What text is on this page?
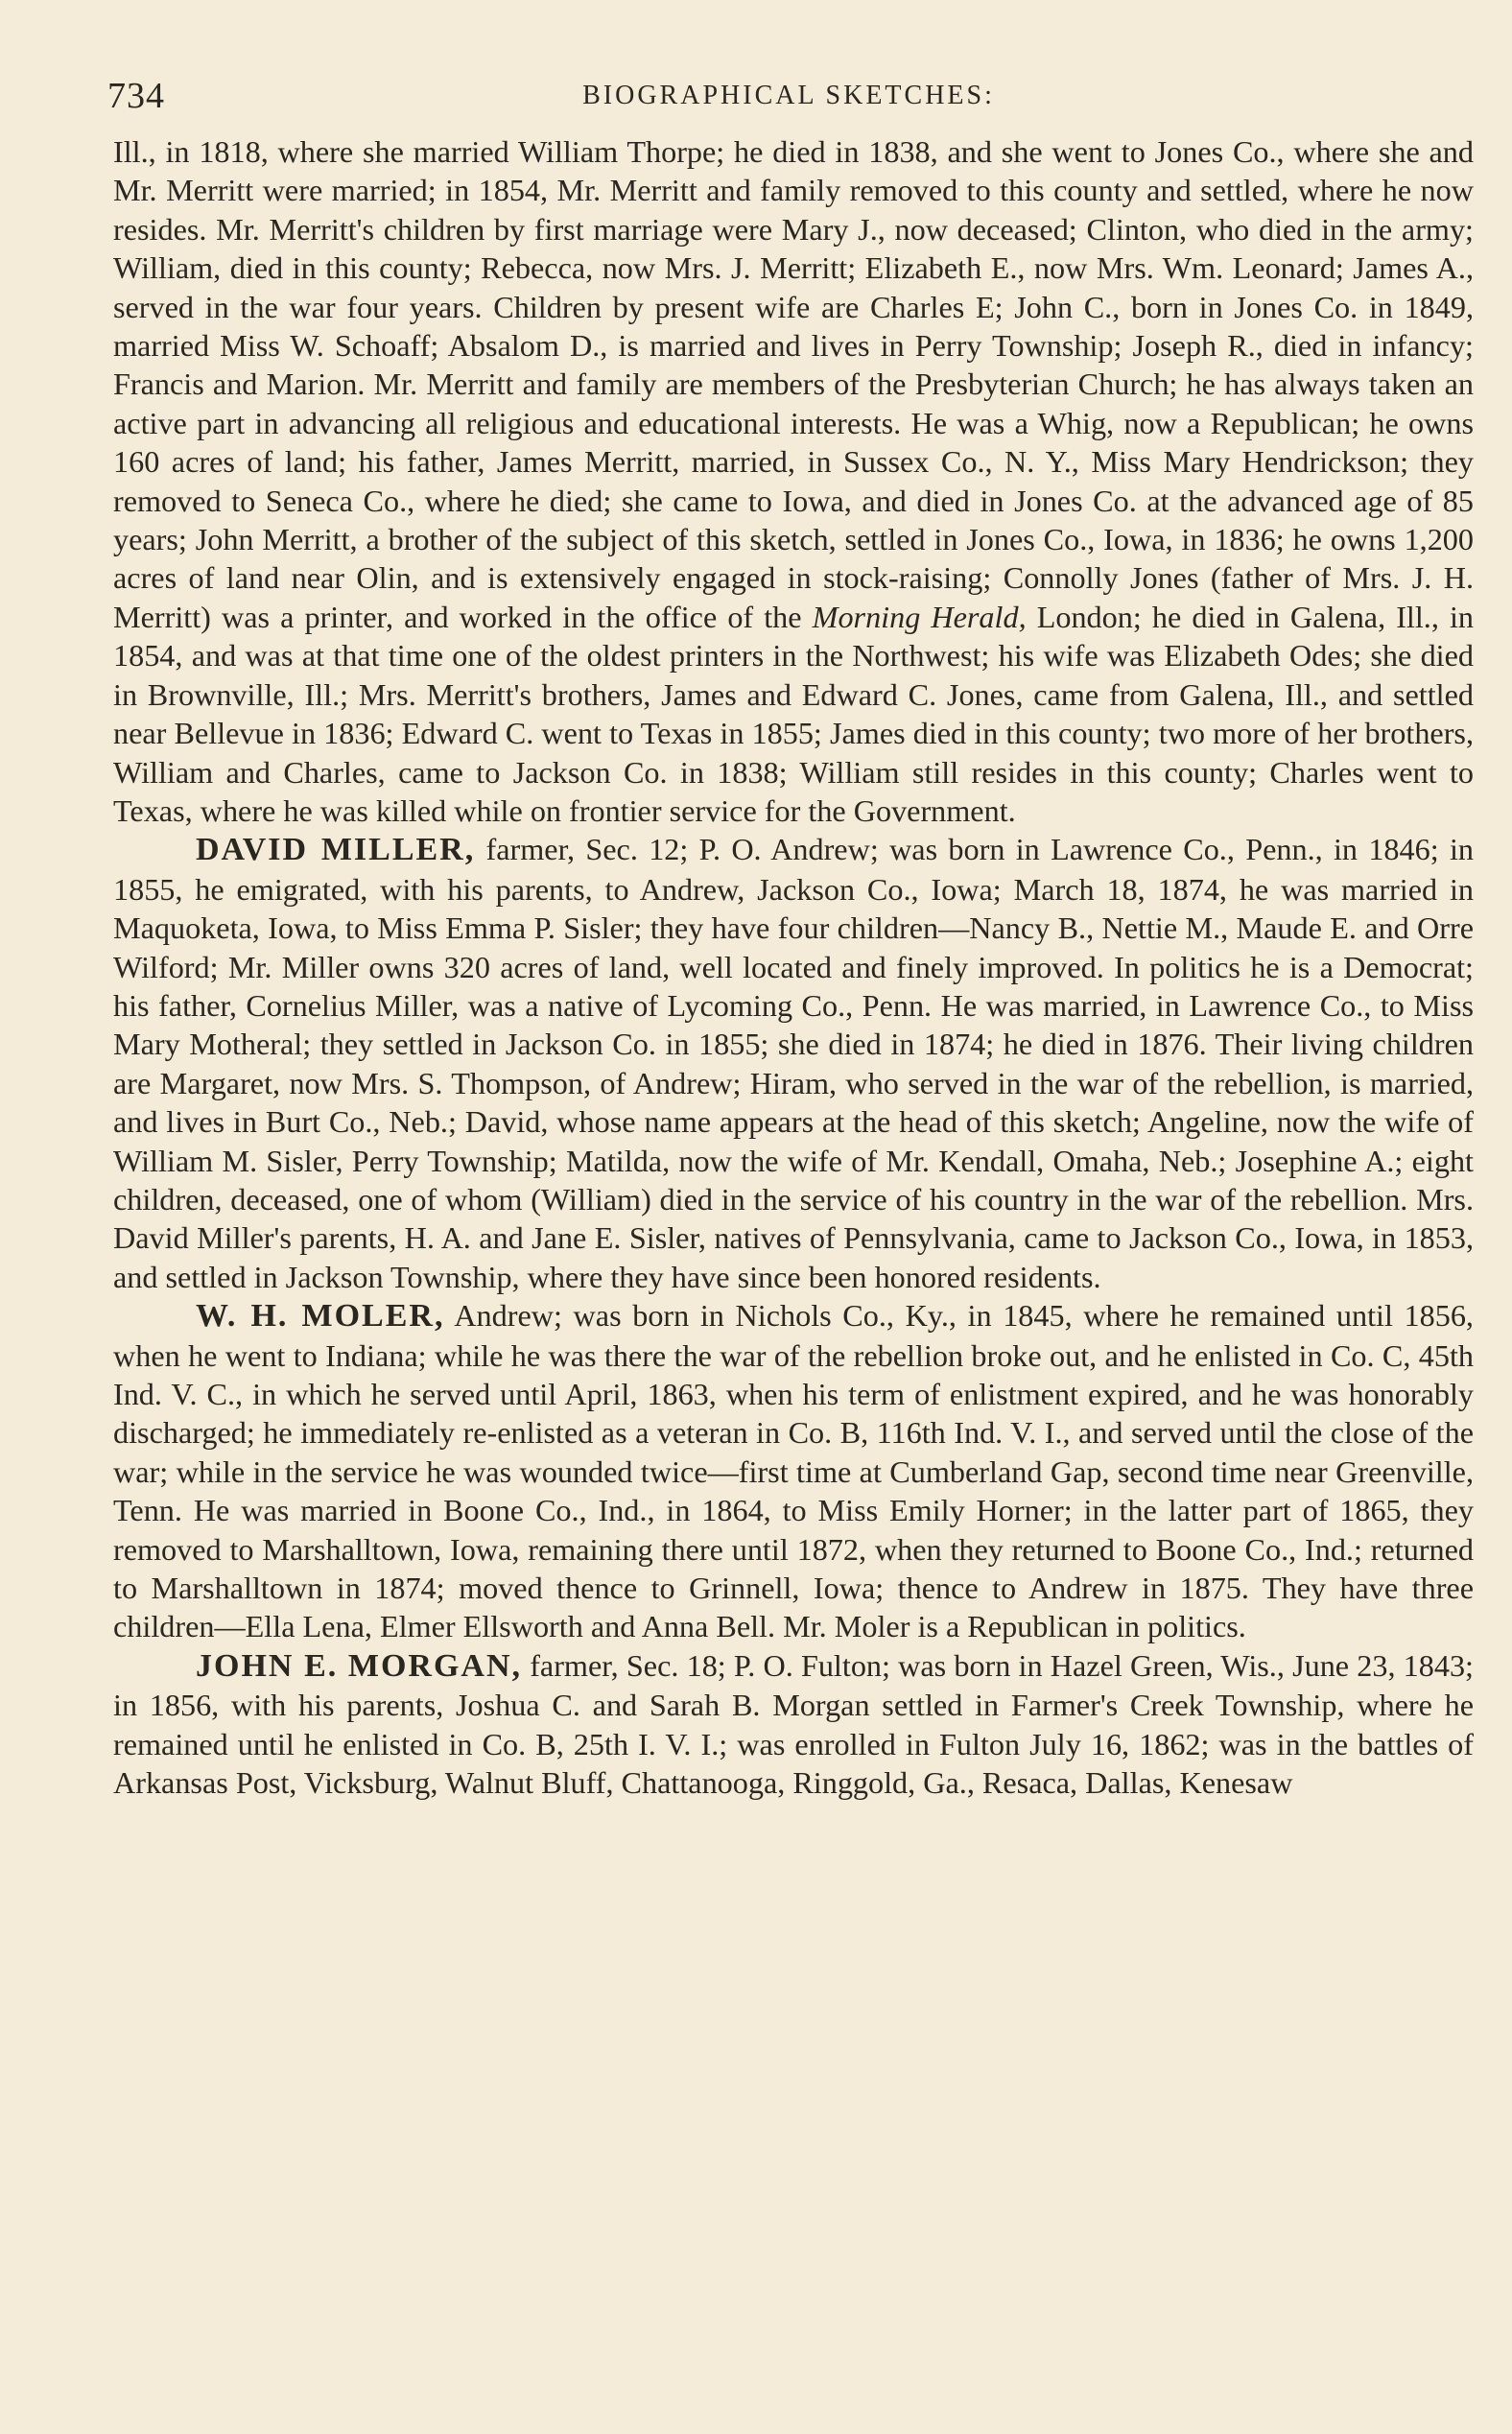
734	BIOGRAPHICAL SKETCHES:

Ill., in 1818, where she married William Thorpe; he died in 1838, and she went to Jones Co., where she and Mr. Merritt were married; in 1854, Mr. Merritt and family removed to this county and settled, where he now resides. Mr. Merritt's children by first marriage were Mary J., now deceased; Clinton, who died in the army; William, died in this county; Rebecca, now Mrs. J. Merritt; Elizabeth E., now Mrs. Wm. Leonard; James A., served in the war four years. Children by present wife are Charles E; John C., born in Jones Co. in 1849, married Miss W. Schoaff; Absalom D., is married and lives in Perry Township; Joseph R., died in infancy; Francis and Marion. Mr. Merritt and family are members of the Presbyterian Church; he has always taken an active part in advancing all religious and educational interests. He was a Whig, now a Republican; he owns 160 acres of land; his father, James Merritt, married, in Sussex Co., N. Y., Miss Mary Hendrickson; they removed to Seneca Co., where he died; she came to Iowa, and died in Jones Co. at the advanced age of 85 years; John Merritt, a brother of the subject of this sketch, settled in Jones Co., Iowa, in 1836; he owns 1,200 acres of land near Olin, and is extensively engaged in stock-raising; Connolly Jones (father of Mrs. J. H. Merritt) was a printer, and worked in the office of the Morning Herald, London; he died in Galena, Ill., in 1854, and was at that time one of the oldest printers in the Northwest; his wife was Elizabeth Odes; she died in Brownville, Ill.; Mrs. Merritt's brothers, James and Edward C. Jones, came from Galena, Ill., and settled near Bellevue in 1836; Edward C. went to Texas in 1855; James died in this county; two more of her brothers, William and Charles, came to Jackson Co. in 1838; William still resides in this county; Charles went to Texas, where he was killed while on frontier service for the Government.

DAVID MILLER, farmer, Sec. 12; P. O. Andrew; was born in Lawrence Co., Penn., in 1846; in 1855, he emigrated, with his parents, to Andrew, Jackson Co., Iowa; March 18, 1874, he was married in Maquoketa, Iowa, to Miss Emma P. Sisler; they have four children—Nancy B., Nettie M., Maude E. and Orre Wilford; Mr. Miller owns 320 acres of land, well located and finely improved. In politics he is a Democrat; his father, Cornelius Miller, was a native of Lycoming Co., Penn. He was married, in Lawrence Co., to Miss Mary Motheral; they settled in Jackson Co. in 1855; she died in 1874; he died in 1876. Their living children are Margaret, now Mrs. S. Thompson, of Andrew; Hiram, who served in the war of the rebellion, is married, and lives in Burt Co., Neb.; David, whose name appears at the head of this sketch; Angeline, now the wife of William M. Sisler, Perry Township; Matilda, now the wife of Mr. Kendall, Omaha, Neb.; Josephine A.; eight children, deceased, one of whom (William) died in the service of his country in the war of the rebellion. Mrs. David Miller's parents, H. A. and Jane E. Sisler, natives of Pennsylvania, came to Jackson Co., Iowa, in 1853, and settled in Jackson Township, where they have since been honored residents.

W. H. MOLER, Andrew; was born in Nichols Co., Ky., in 1845, where he remained until 1856, when he went to Indiana; while he was there the war of the rebellion broke out, and he enlisted in Co. C, 45th Ind. V. C., in which he served until April, 1863, when his term of enlistment expired, and he was honorably discharged; he immediately re-enlisted as a veteran in Co. B, 116th Ind. V. I., and served until the close of the war; while in the service he was wounded twice—first time at Cumberland Gap, second time near Greenville, Tenn. He was married in Boone Co., Ind., in 1864, to Miss Emily Horner; in the latter part of 1865, they removed to Marshalltown, Iowa, remaining there until 1872, when they returned to Boone Co., Ind.; returned to Marshalltown in 1874; moved thence to Grinnell, Iowa; thence to Andrew in 1875. They have three children—Ella Lena, Elmer Ellsworth and Anna Bell. Mr. Moler is a Republican in politics.

JOHN E. MORGAN, farmer, Sec. 18; P. O. Fulton; was born in Hazel Green, Wis., June 23, 1843; in 1856, with his parents, Joshua C. and Sarah B. Morgan settled in Farmer's Creek Township, where he remained until he enlisted in Co. B, 25th I. V. I.; was enrolled in Fulton July 16, 1862; was in the battles of Arkansas Post, Vicksburg, Walnut Bluff, Chattanooga, Ringgold, Ga., Resaca, Dallas, Kenesaw
